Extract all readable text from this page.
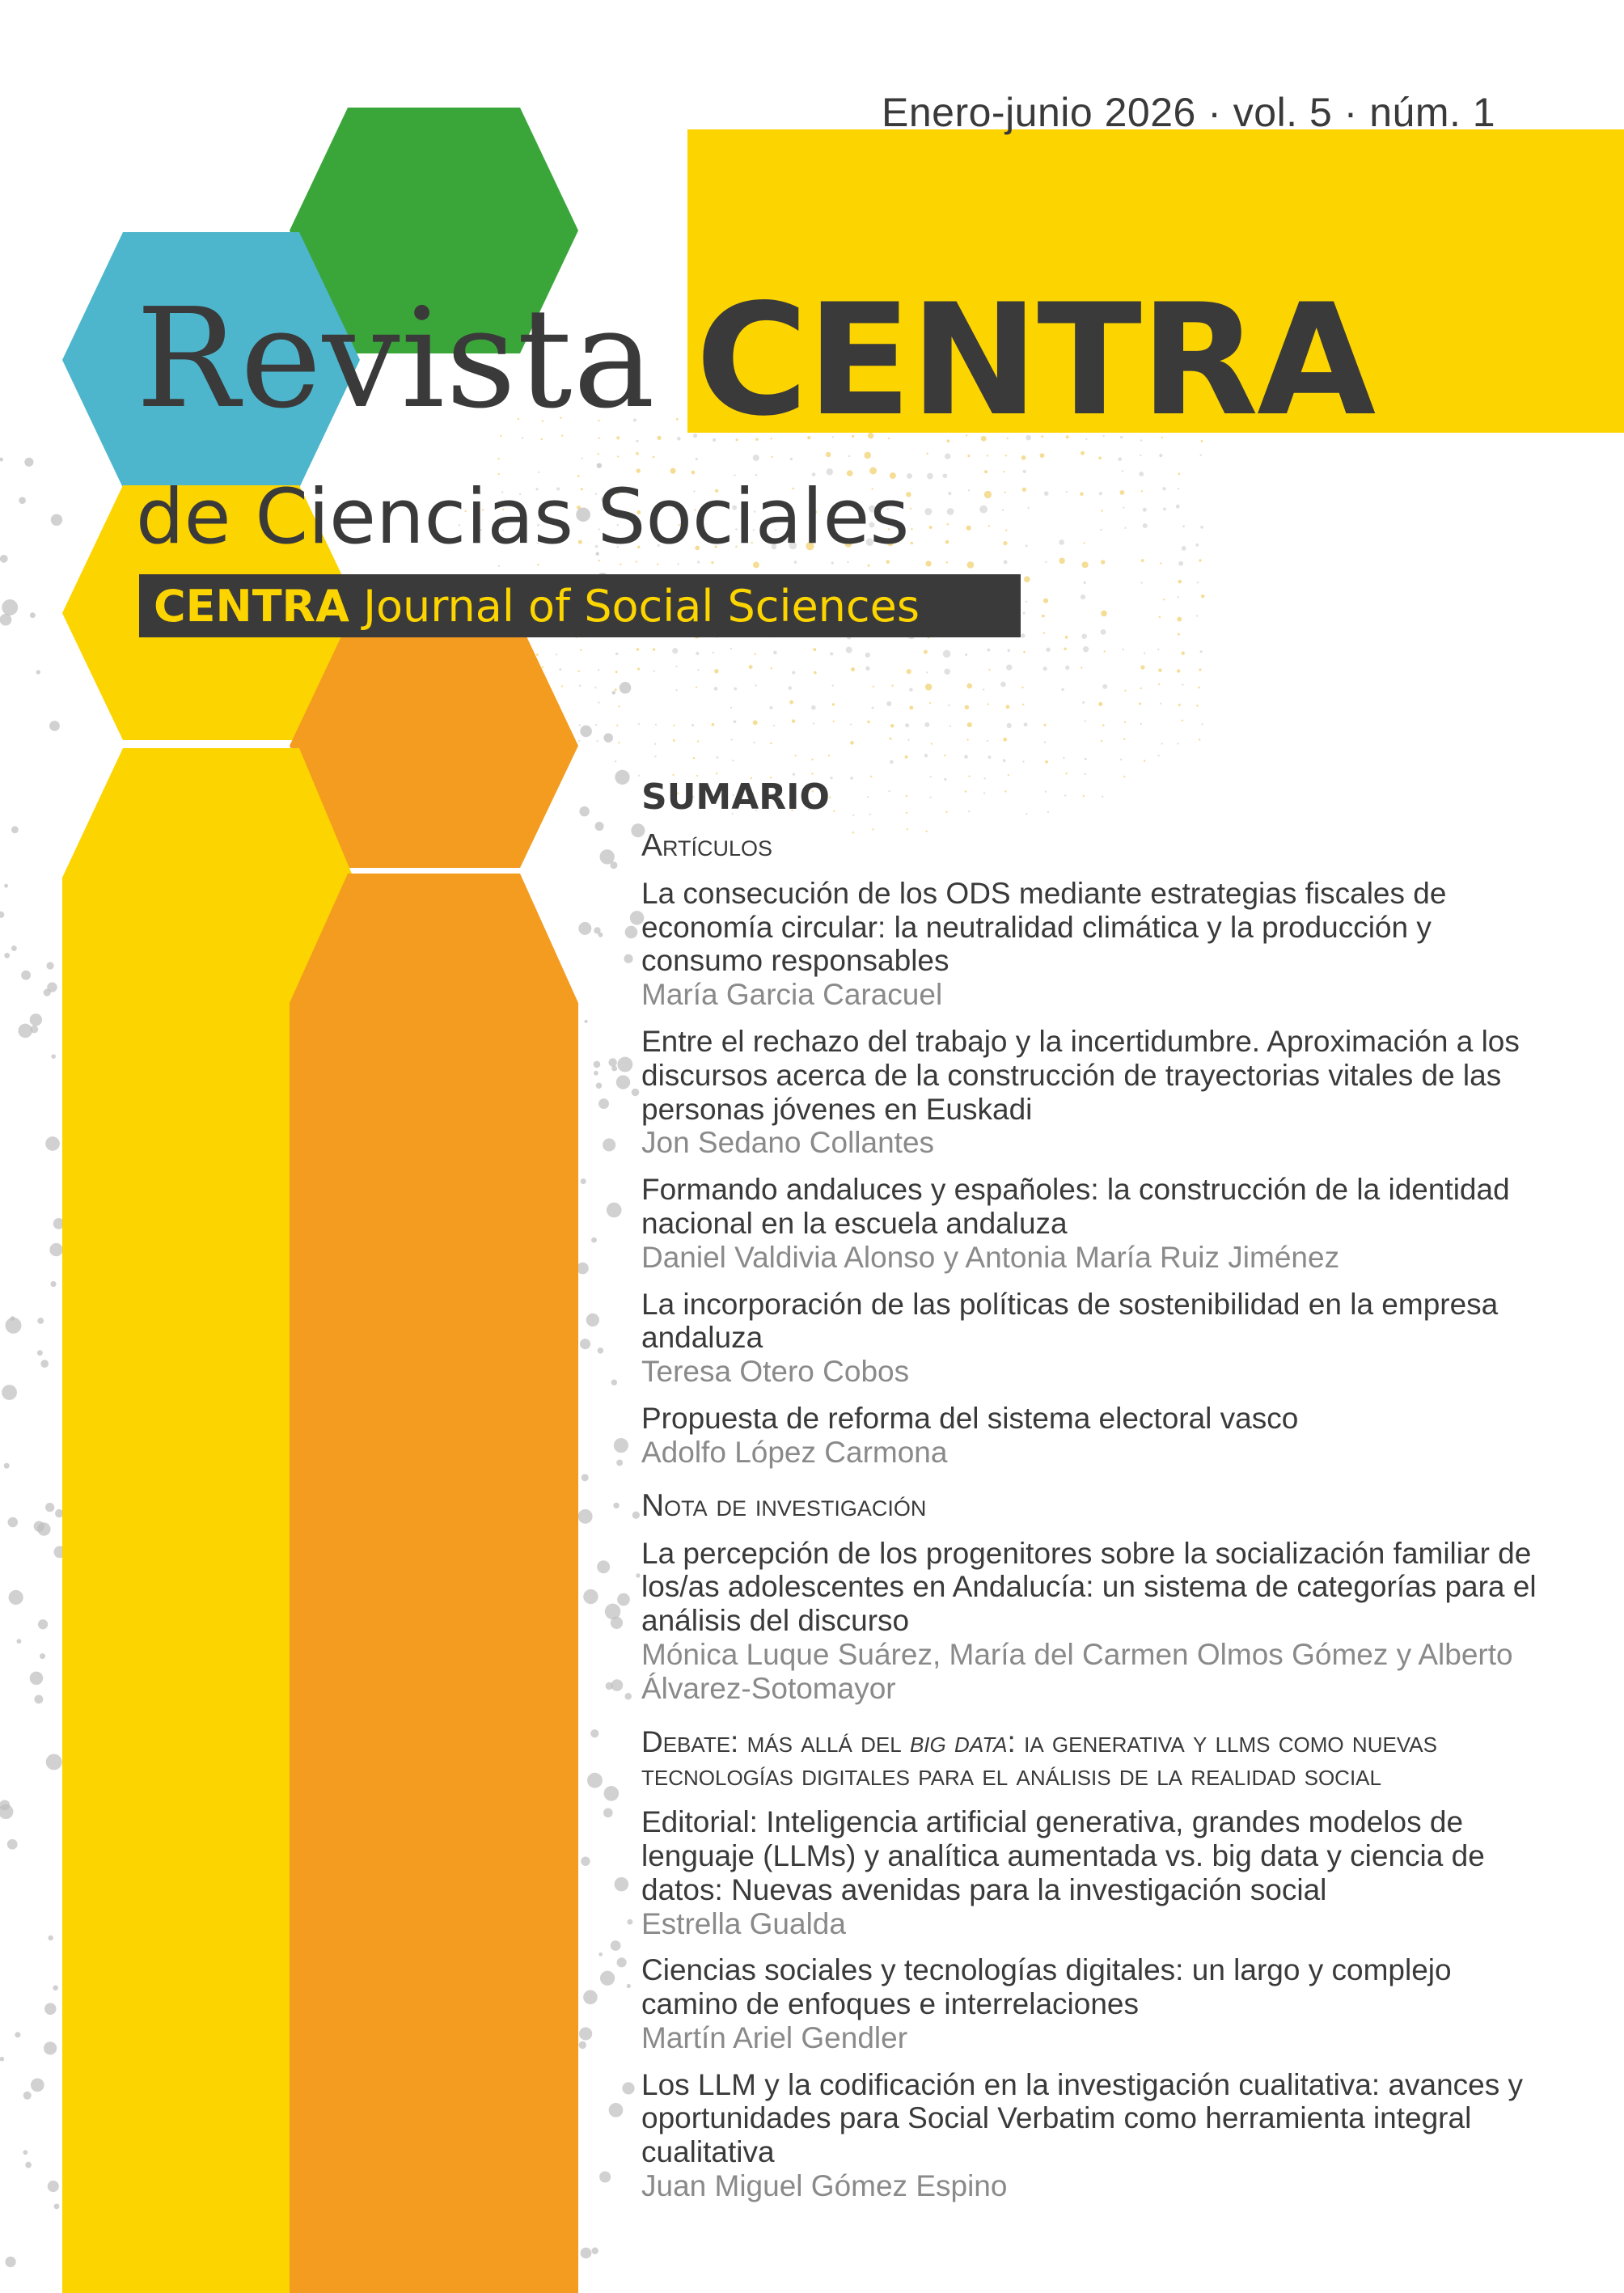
Enero-junio 2026 · vol. 5 · núm. 1
Revista CENTRA
de Ciencias Sociales
CENTRA Journal of Social Sciences
SUMARIO
Artículos
La consecución de los ODS mediante estrategias fiscales de economía circular: la neutralidad climática y la producción y consumo responsables
María Garcia Caracuel
Entre el rechazo del trabajo y la incertidumbre. Aproximación a los discursos acerca de la construcción de trayectorias vitales de las personas jóvenes en Euskadi
Jon Sedano Collantes
Formando andaluces y españoles: la construcción de la identidad nacional en la escuela andaluza
Daniel Valdivia Alonso y Antonia María Ruiz Jiménez
La incorporación de las políticas de sostenibilidad en la empresa andaluza
Teresa Otero Cobos
Propuesta de reforma del sistema electoral vasco
Adolfo López Carmona
Nota de investigación
La percepción de los progenitores sobre la socialización familiar de los/as adolescentes en Andalucía: un sistema de categorías para el análisis del discurso
Mónica Luque Suárez, María del Carmen Olmos Gómez y Alberto Álvarez-Sotomayor
Debate: más allá del big data: ia generativa y llms como nuevas tecnologías digitales para el análisis de la realidad social
Editorial: Inteligencia artificial generativa, grandes modelos de lenguaje (LLMs) y analítica aumentada vs. big data y ciencia de datos: Nuevas avenidas para la investigación social
Estrella Gualda
Ciencias sociales y tecnologías digitales: un largo y complejo camino de enfoques e interrelaciones
Martín Ariel Gendler
Los LLM y la codificación en la investigación cualitativa: avances y oportunidades para Social Verbatim como herramienta integral cualitativa
Juan Miguel Gómez Espino
